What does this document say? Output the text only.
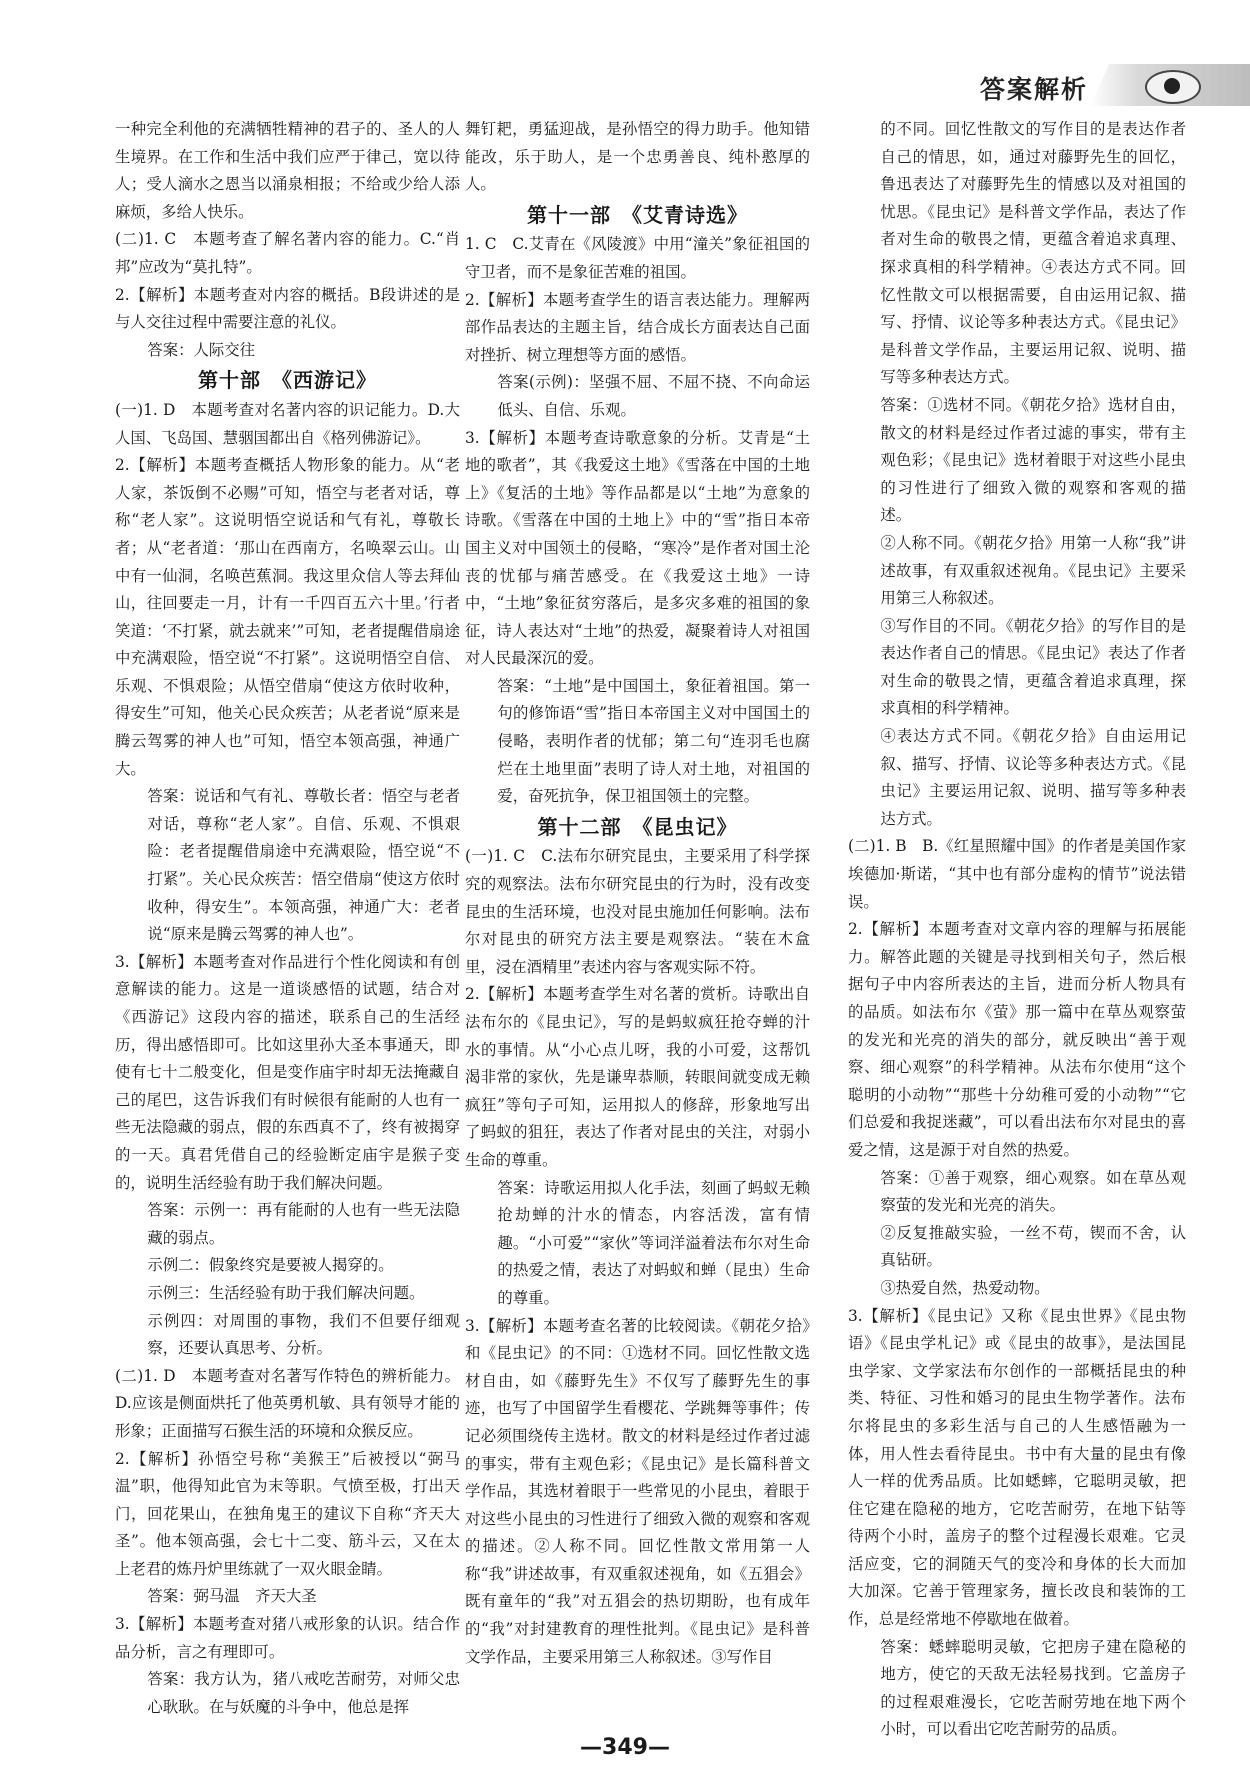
答案解析

一种完全利他的充满牺牲精神的君子的、圣人的人生境界。在工作和生活中我们应严于律己，宽以待人；受人滴水之恩当以涌泉相报；不给或少给人添麻烦，多给人快乐。

(二)1. C　本题考查了解名著内容的能力。C.“肖邦”应改为“莫扎特”。

2.【解析】本题考查对内容的概括。B段讲述的是与人交往过程中需要注意的礼仪。

答案：人际交往

第十部　《西游记》

(一)1. D　本题考查对名著内容的识记能力。D.大人国、飞岛国、慧骃国都出自《格列佛游记》。

2.【解析】本题考查概括人物形象的能力。从“老人家，茶饭倒不必赐”可知，悟空与老者对话，尊称“老人家”。这说明悟空说话和气有礼，尊敬长者；从“老者道：‘那山在西南方，名唤翠云山。山中有一仙洞，名唤芭蕉洞。我这里众信人等去拜仙山，往回要走一月，计有一千四百五六十里。’行者笑道：‘不打紧，就去就来’”可知，老者提醒借扇途中充满艰险，悟空说“不打紧”。这说明悟空自信、乐观、不惧艰险；从悟空借扇“使这方依时收种，得安生”可知，他关心民众疾苦；从老者说“原来是腾云驾雾的神人也”可知，悟空本领高强，神通广大。

答案：说话和气有礼、尊敬长者：悟空与老者对话，尊称“老人家”。自信、乐观、不惧艰险：老者提醒借扇途中充满艰险，悟空说“不打紧”。关心民众疾苦：悟空借扇“使这方依时收种，得安生”。本领高强，神通广大：老者说“原来是腾云驾雾的神人也”。

3.【解析】本题考查对作品进行个性化阅读和有创意解读的能力。这是一道谈感悟的试题，结合对《西游记》这段内容的描述，联系自己的生活经历，得出感悟即可。比如这里孙大圣本事通天，即使有七十二般变化，但是变作庙宇时却无法掩藏自己的尾巴，这告诉我们有时候很有能耐的人也有一些无法隐藏的弱点，假的东西真不了，终有被揭穿的一天。真君凭借自己的经验断定庙宇是猴子变的，说明生活经验有助于我们解决问题。

答案：示例一：再有能耐的人也有一些无法隐藏的弱点。

示例二：假象终究是要被人揭穿的。

示例三：生活经验有助于我们解决问题。

示例四：对周围的事物，我们不但要仔细观察，还要认真思考、分析。

(二)1. D　本题考查对名著写作特色的辨析能力。D.应该是侧面烘托了他英勇机敏、具有领导才能的形象；正面描写石猴生活的环境和众猴反应。

2.【解析】孙悟空号称“美猴王”后被授以“弼马温”职，他得知此官为末等职。气愤至极，打出天门，回花果山，在独角鬼王的建议下自称“齐天大圣”。他本领高强，会七十二变、筋斗云，又在太上老君的炼丹炉里练就了一双火眼金睛。

答案：弼马温　齐天大圣

3.【解析】本题考查对猪八戒形象的认识。结合作品分析，言之有理即可。

答案：我方认为，猪八戒吃苦耐劳，对师父忠心耿耿。在与妖魔的斗争中，他总是挥

舞钉耙，勇猛迎战，是孙悟空的得力助手。他知错能改，乐于助人，是一个忠勇善良、纯朴憨厚的人。

第十一部　《艾青诗选》

1. C　C.艾青在《风陵渡》中用“潼关”象征祖国的守卫者，而不是象征苦难的祖国。

2.【解析】本题考查学生的语言表达能力。理解两部作品表达的主题主旨，结合成长方面表达自己面对挫折、树立理想等方面的感悟。

答案(示例)：坚强不屈、不屈不挠、不向命运低头、自信、乐观。

3.【解析】本题考查诗歌意象的分析。艾青是“土地的歌者”，其《我爱这土地》《雪落在中国的土地上》《复活的土地》等作品都是以“土地”为意象的诗歌。《雪落在中国的土地上》中的“雪”指日本帝国主义对中国领土的侵略，“寒冷”是作者对国土沦丧的忧郁与痛苦感受。在《我爱这土地》一诗中，“土地”象征贫穷落后，是多灾多难的祖国的象征，诗人表达对“土地”的热爱，凝聚着诗人对祖国对人民最深沉的爱。

答案：“土地”是中国国土，象征着祖国。第一句的修饰语“雪”指日本帝国主义对中国国土的侵略，表明作者的忧郁；第二句“连羽毛也腐烂在土地里面”表明了诗人对土地，对祖国的爱，奋死抗争，保卫祖国领土的完整。

第十二部　《昆虫记》

(一)1. C　C.法布尔研究昆虫，主要采用了科学探究的观察法。法布尔研究昆虫的行为时，没有改变昆虫的生活环境，也没对昆虫施加任何影响。法布尔对昆虫的研究方法主要是观察法。“装在木盒里，浸在酒精里”表述内容与客观实际不符。

2.【解析】本题考查学生对名著的赏析。诗歌出自法布尔的《昆虫记》，写的是蚂蚁疯狂抢夺蝉的汁水的事情。从“小心点儿呀，我的小可爱，这帮饥渴非常的家伙，先是谦卑恭顺，转眼间就变成无赖疯狂”等句子可知，运用拟人的修辞，形象地写出了蚂蚁的狙狂，表达了作者对昆虫的关注，对弱小生命的尊重。

答案：诗歌运用拟人化手法，刻画了蚂蚁无赖抢劫蝉的汁水的情态，内容活泼，富有情趣。“小可爱”“家伙”等词洋溢着法布尔对生命的热爱之情，表达了对蚂蚁和蝉（昆虫）生命的尊重。

3.【解析】本题考查名著的比较阅读。《朝花夕拾》和《昆虫记》的不同：①选材不同。回忆性散文选材自由，如《藤野先生》不仅写了藤野先生的事迹，也写了中国留学生看樱花、学跳舞等事件；传记必须围绕传主选材。散文的材料是经过作者过滤的事实，带有主观色彩；《昆虫记》是长篇科普文学作品，其选材着眼于一些常见的小昆虫，着眼于对这些小昆虫的习性进行了细致入微的观察和客观的描述。②人称不同。回忆性散文常用第一人称“我”讲述故事，有双重叙述视角，如《五猖会》既有童年的“我”对五猖会的热切期盼，也有成年的“我”对封建教育的理性批判。《昆虫记》是科普文学作品，主要采用第三人称叙述。③写作目

的不同。回忆性散文的写作目的是表达作者自己的情思，如，通过对藤野先生的回忆，鲁迅表达了对藤野先生的情感以及对祖国的忧思。《昆虫记》是科普文学作品，表达了作者对生命的敬畏之情，更蕴含着追求真理、探求真相的科学精神。④表达方式不同。回忆性散文可以根据需要，自由运用记叙、描写、抒情、议论等多种表达方式。《昆虫记》是科普文学作品，主要运用记叙、说明、描写等多种表达方式。

答案：①选材不同。《朝花夕拾》选材自由，散文的材料是经过作者过滤的事实，带有主观色彩；《昆虫记》选材着眼于对这些小昆虫的习性进行了细致入微的观察和客观的描述。

②人称不同。《朝花夕拾》用第一人称“我”讲述故事，有双重叙述视角。《昆虫记》主要采用第三人称叙述。

③写作目的不同。《朝花夕拾》的写作目的是表达作者自己的情思。《昆虫记》表达了作者对生命的敬畏之情，更蕴含着追求真理，探求真相的科学精神。

④表达方式不同。《朝花夕拾》自由运用记叙、描写、抒情、议论等多种表达方式。《昆虫记》主要运用记叙、说明、描写等多种表达方式。

(二)1. B　B.《红星照耀中国》的作者是美国作家埃德加·斯诺，“其中也有部分虚构的情节”说法错误。

2.【解析】本题考查对文章内容的理解与拓展能力。解答此题的关键是寻找到相关句子，然后根据句子中内容所表达的主旨，进而分析人物具有的品质。如法布尔《萤》那一篇中在草丛观察萤的发光和光亮的消失的部分，就反映出“善于观察、细心观察”的科学精神。从法布尔使用“这个聪明的小动物”“那些十分幼稚可爱的小动物”“它们总爱和我捉迷藏”，可以看出法布尔对昆虫的喜爱之情，这是源于对自然的热爱。

答案：①善于观察，细心观察。如在草丛观察萤的发光和光亮的消失。

②反复推敲实验，一丝不苟，锲而不舍，认真钻研。

③热爱自然，热爱动物。

3.【解析】《昆虫记》又称《昆虫世界》《昆虫物语》《昆虫学札记》或《昆虫的故事》，是法国昆虫学家、文学家法布尔创作的一部概括昆虫的种类、特征、习性和婚习的昆虫生物学著作。法布尔将昆虫的多彩生活与自己的人生感悟融为一体，用人性去看待昆虫。书中有大量的昆虫有像人一样的优秀品质。比如蟋蟀，它聪明灵敏，把住它建在隐秘的地方，它吃苦耐劳，在地下钻等待两个小时，盖房子的整个过程漫长艰难。它灵活应变，它的洞随天气的变冷和身体的长大而加大加深。它善于管理家务，擅长改良和装饰的工作，总是经常地不停歇地在做着。

答案：蟋蟀聪明灵敏，它把房子建在隐秘的地方，使它的天敌无法轻易找到。它盖房子的过程艰难漫长，它吃苦耐劳地在地下两个小时，可以看出它吃苦耐劳的品质。

—349—
